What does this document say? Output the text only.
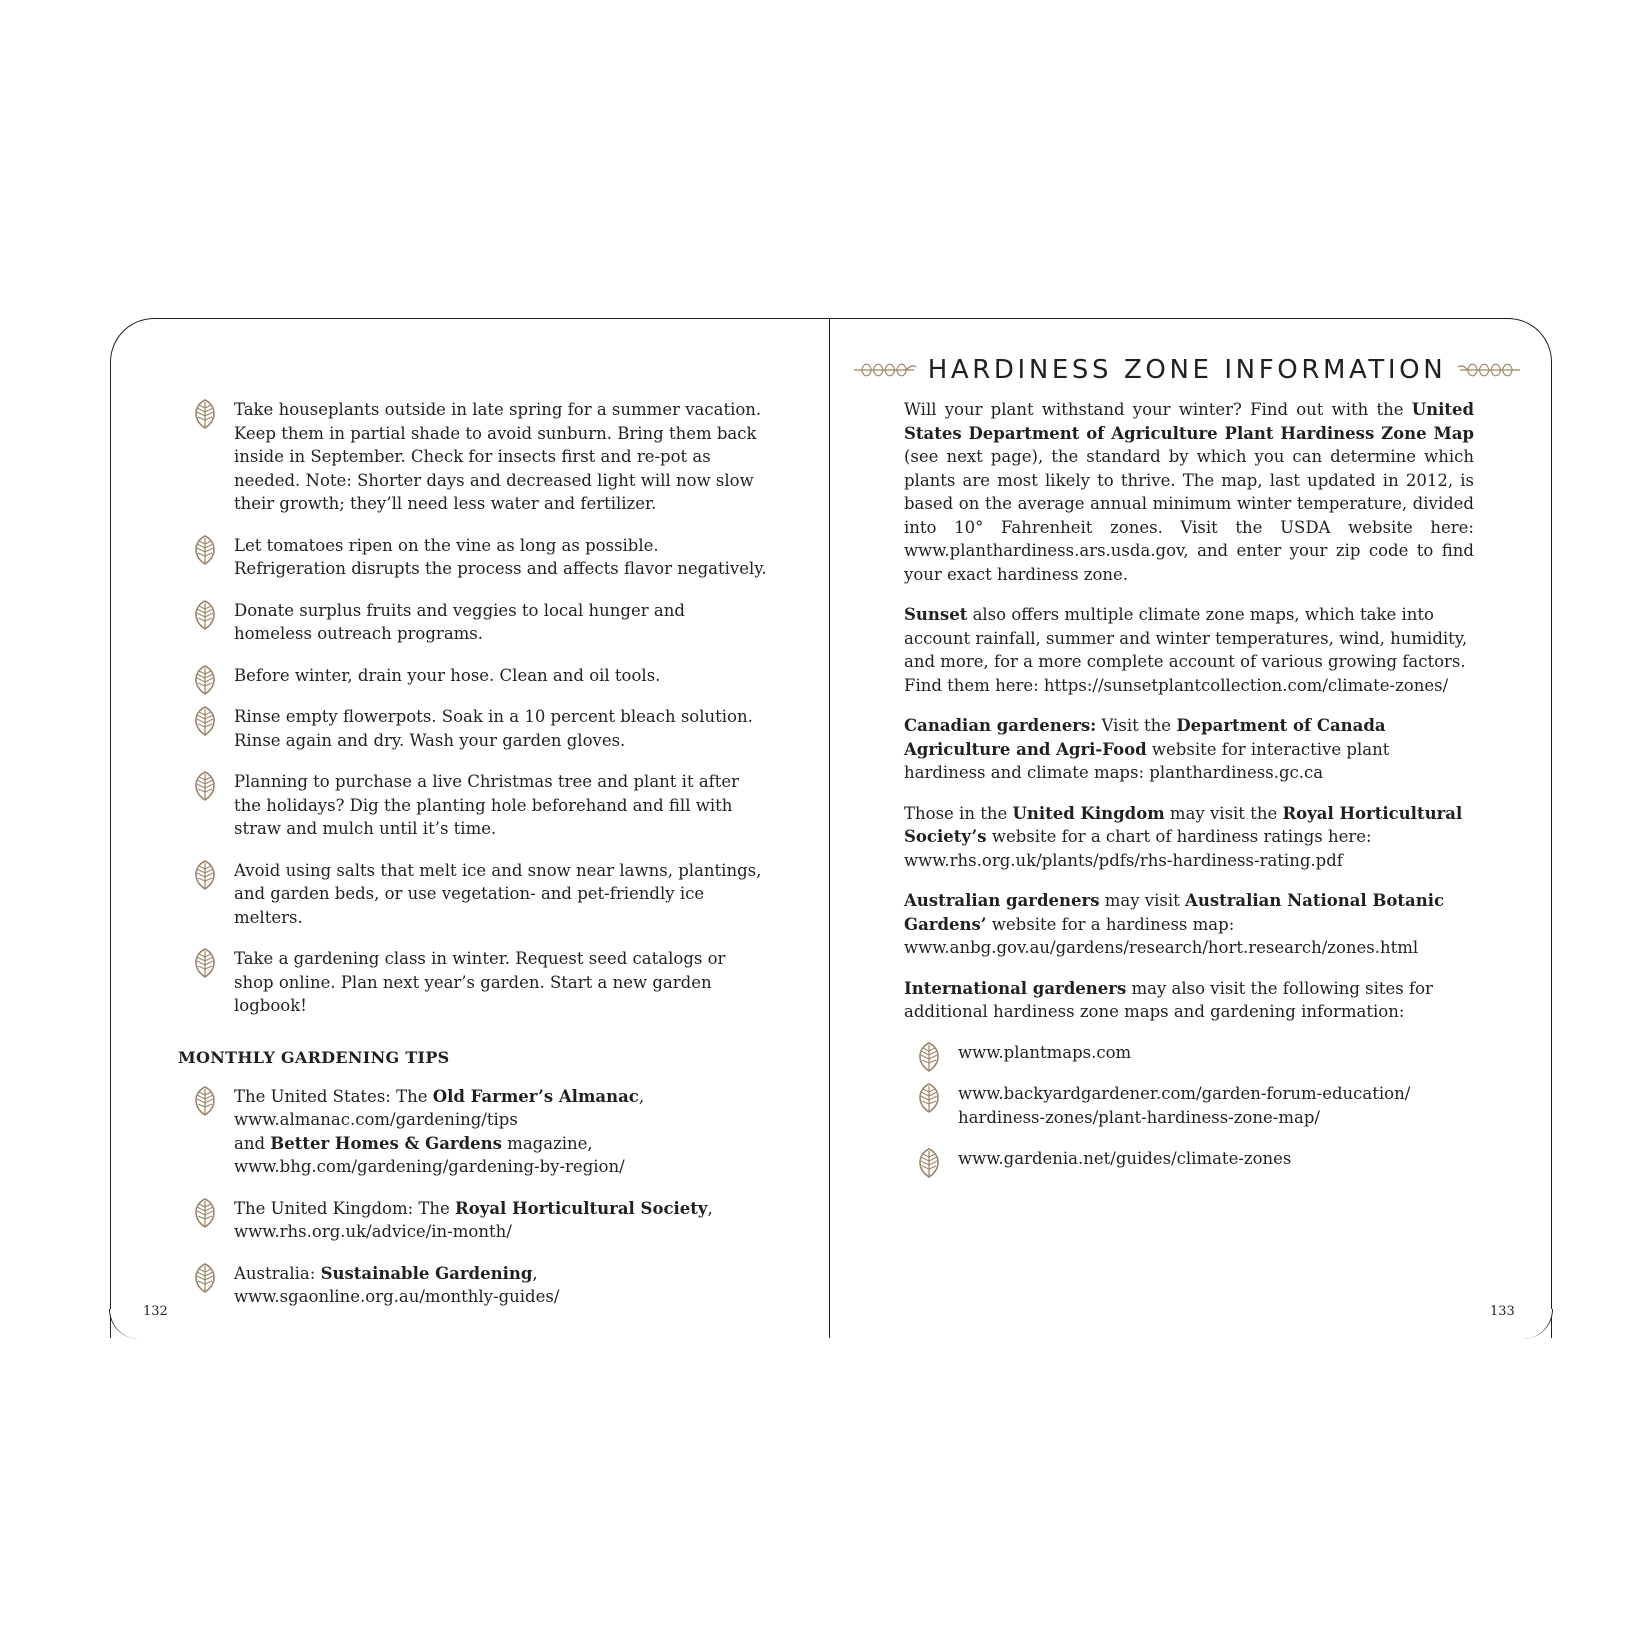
Take houseplants outside in late spring for a summer vacation. Keep them in partial shade to avoid sunburn. Bring them back inside in September. Check for insects first and re-pot as needed. Note: Shorter days and decreased light will now slow their growth; they’ll need less water and fertilizer.

Let tomatoes ripen on the vine as long as possible. Refrigeration disrupts the process and affects flavor negatively.

Donate surplus fruits and veggies to local hunger and homeless outreach programs.

Before winter, drain your hose. Clean and oil tools.

Rinse empty flowerpots. Soak in a 10 percent bleach solution. Rinse again and dry. Wash your garden gloves.

Planning to purchase a live Christmas tree and plant it after the holidays? Dig the planting hole beforehand and fill with straw and mulch until it’s time.

Avoid using salts that melt ice and snow near lawns, plantings, and garden beds, or use vegetation- and pet-friendly ice melters.

Take a gardening class in winter. Request seed catalogs or shop online. Plan next year’s garden. Start a new garden logbook!

MONTHLY GARDENING TIPS

The United States: The Old Farmer’s Almanac,
www.almanac.com/gardening/tips
and Better Homes & Gardens magazine,
www.bhg.com/gardening/gardening-by-region/

The United Kingdom: The Royal Horticultural Society,
www.rhs.org.uk/advice/in-month/

Australia: Sustainable Gardening,
www.sgaonline.org.au/monthly-guides/

132
HARDINESS ZONE INFORMATION

Will your plant withstand your winter? Find out with the United States Department of Agriculture Plant Hardiness Zone Map (see next page), the standard by which you can determine which plants are most likely to thrive. The map, last updated in 2012, is based on the average annual minimum winter temperature, divided into 10° Fahrenheit zones. Visit the USDA website here: www.planthardiness.ars.usda.gov, and enter your zip code to find your exact hardiness zone.

Sunset also offers multiple climate zone maps, which take into account rainfall, summer and winter temperatures, wind, humidity, and more, for a more complete account of various growing factors. Find them here: https://sunsetplantcollection.com/climate-zones/

Canadian gardeners: Visit the Department of Canada Agriculture and Agri-Food website for interactive plant hardiness and climate maps: planthardiness.gc.ca

Those in the United Kingdom may visit the Royal Horticultural Society’s website for a chart of hardiness ratings here: www.rhs.org.uk/plants/pdfs/rhs-hardiness-rating.pdf

Australian gardeners may visit Australian National Botanic Gardens’ website for a hardiness map: www.anbg.gov.au/gardens/research/hort.research/zones.html

International gardeners may also visit the following sites for additional hardiness zone maps and gardening information:

www.plantmaps.com

www.backyardgardener.com/garden-forum-education/ hardiness-zones/plant-hardiness-zone-map/

www.gardenia.net/guides/climate-zones

133
